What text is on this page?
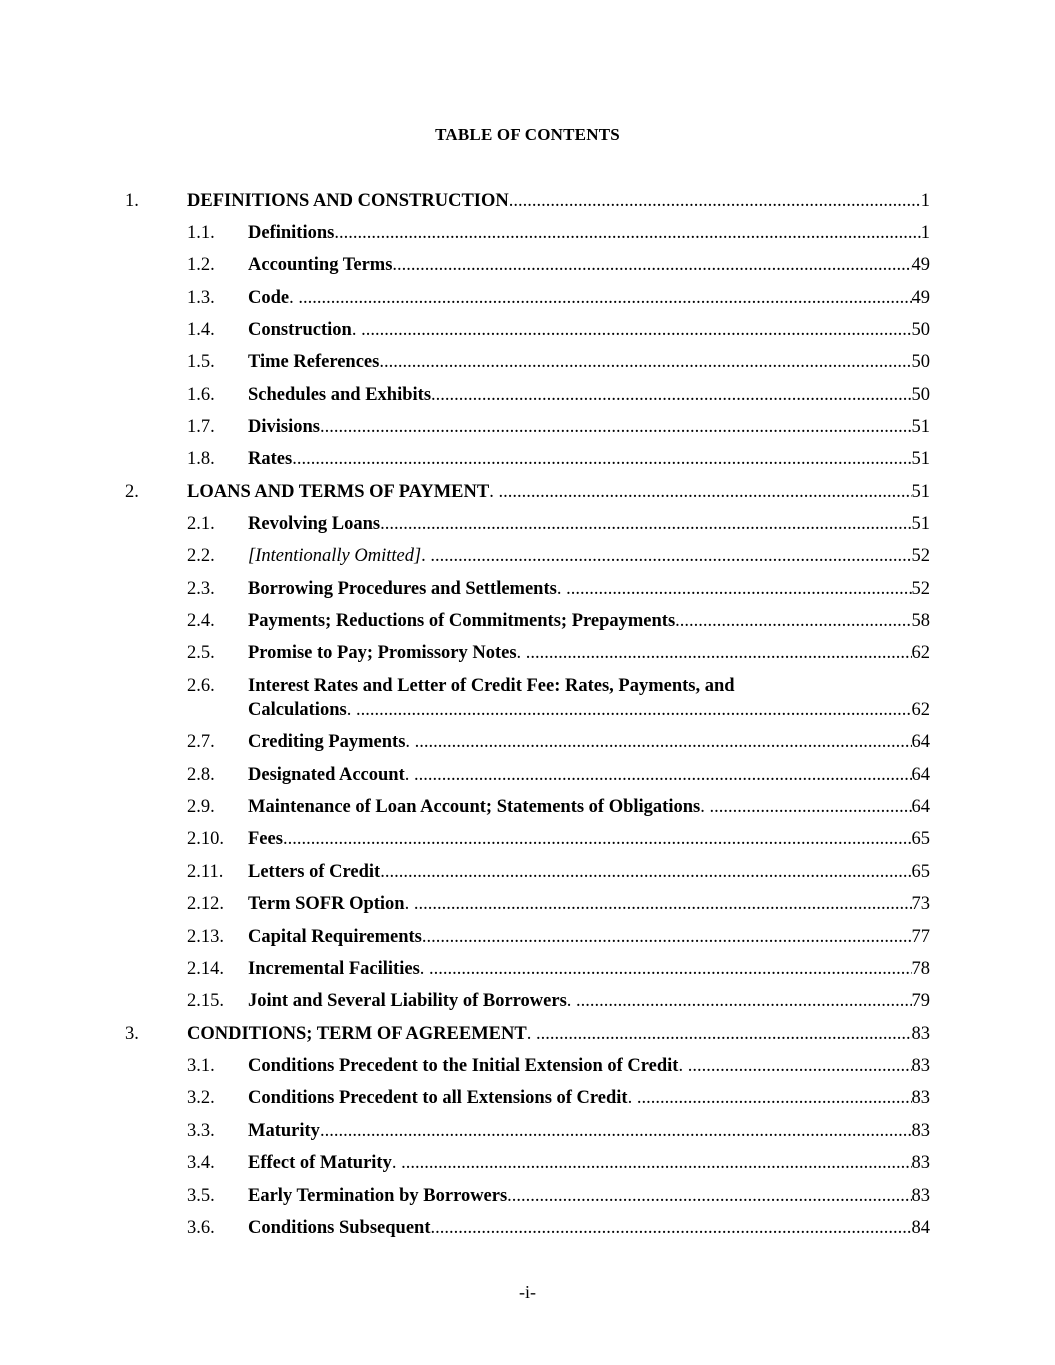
TABLE OF CONTENTS
1.	DEFINITIONS AND CONSTRUCTION .....	1
1.1. Definitions . .....	1
1.2. Accounting Terms . .....	49
1.3. Code . .....	49
1.4. Construction . .....	50
1.5. Time References . .....	50
1.6. Schedules and Exhibits . .....	50
1.7. Divisions . .....	51
1.8. Rates . .....	51
2.	LOANS AND TERMS OF PAYMENT . .....	51
2.1. Revolving Loans . .....	51
2.2. [Intentionally Omitted] . .....	52
2.3. Borrowing Procedures and Settlements . .....	52
2.4. Payments; Reductions of Commitments; Prepayments . .....	58
2.5. Promise to Pay; Promissory Notes . .....	62
2.6. Interest Rates and Letter of Credit Fee: Rates, Payments, and
Calculations . .....	62
2.7. Crediting Payments . .....	64
2.8. Designated Account . .....	64
2.9. Maintenance of Loan Account; Statements of Obligations . .....	64
2.10. Fees . .....	65
2.11. Letters of Credit . .....	65
2.12. Term SOFR Option . .....	73
2.13. Capital Requirements . .....	77
2.14. Incremental Facilities . .....	78
2.15. Joint and Several Liability of Borrowers . .....	79
3.	CONDITIONS; TERM OF AGREEMENT . .....	83
3.1. Conditions Precedent to the Initial Extension of Credit . .....	83
3.2. Conditions Precedent to all Extensions of Credit . .....	83
3.3. Maturity . .....	83
3.4. Effect of Maturity . .....	83
3.5. Early Termination by Borrowers . .....	83
3.6. Conditions Subsequent . .....	84
-i-
